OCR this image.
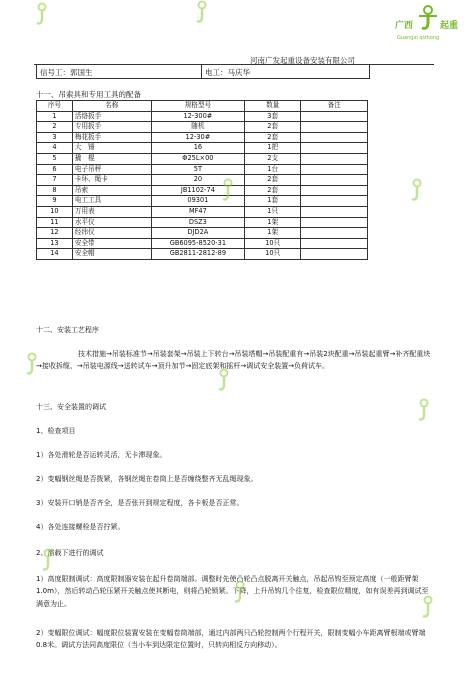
广西	起重
Guangxi qizhong
河南广发起重设备安装有限公司
信号工：郭国生	电工：马庆华
十一、吊索具和专用工具的配备
序号	名称	规格型号	数量	备注
1	活络扳手	12-300#	3套	
2	专用扳手	随机	2套	
3	梅花扳手	12-30#	2套	
4	大　锤	16	1把	
5	撬　棍	Φ25L×00	2支	
6	电子吊秤	5T	1台	
7	卡环、绳卡	20	2套	
8	吊索	JB1102-74	2套	
9	电工工具	09301	1套	
10	万用表	MF47	1只	
11	水平仪	DSZ3	1架	
12	经纬仪	DJD2A	1架	
13	安全带	GB6095-8520-31	10只	
14	安全帽	GB2811-2812-89	10只	
十二、安装工艺程序
技术措施→吊装标准节→吊装套架→吊装上下转台→吊装塔帽→吊装配重有→吊装2块配重→吊装起重臂→补齐配重块→接收拆缆、→吊装电源线→送转试车→顶升加节→固定底架和摇杆→调试安全装置→负荷试车。
十三、安全装置的调试
1、检查项目
1）各处滑轮是否运转灵活，无卡滞现象。
2）变幅钢丝绳是否拨紧，各钢丝绳在卷筒上是否缠绕整齐无乱绳现象。
3）安装开口销是否齐全，是否张开到规定程度，各卡板是否正常。
4）各处连接螺栓是否拧紧。
2、需载下进行的调试
1）高度限制调试：高度限制器安装在起升卷筒端部。调整时先使凸轮凸点脱离开关触点，吊起吊钩至预定高度（一般距臂架1.0m），然后转动凸轮压紧开关触点使其断电，则将凸轮锁紧。下降，上升吊钩几个往复，检查限位精度，如有误差再到调试至满意为止。
2）变幅限位调试：幅度限位装置安装在变幅卷筒端部，通过内部两只凸轮控制两个行程开关，限制变幅小车距离臂根端或臂端0.8米。调试方法同高度限位（当小车到达限定位置时，只转向相反方向移动）。
